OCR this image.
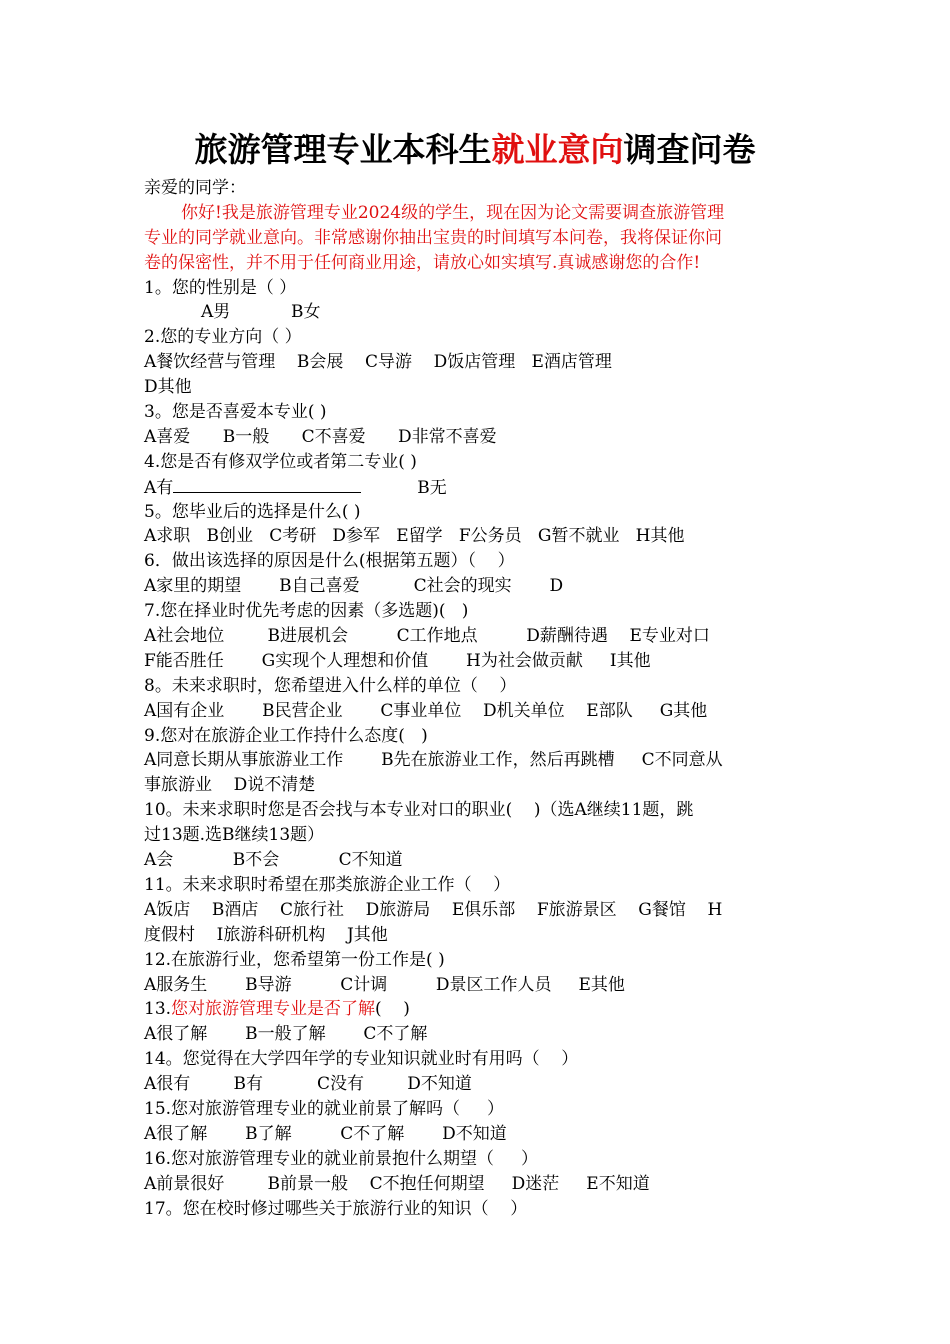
旅游管理专业本科生就业意向调查问卷
亲爱的同学：
你好!我是旅游管理专业2024级的学生，现在因为论文需要调查旅游管理
专业的同学就业意向。非常感谢你抽出宝贵的时间填写本问卷，我将保证你问
卷的保密性，并不用于任何商业用途，请放心如实填写.真诚感谢您的合作!
1。您的性别是（ ）
A男	B女
2.您的专业方向（ ）
A餐饮经营与管理    B会展    C导游    D饭店管理   E酒店管理
D其他
3。您是否喜爱本专业( )
A喜爱      B一般      C不喜爱      D非常不喜爱
4.您是否有修双学位或者第二专业( )
A有	B无
5。您毕业后的选择是什么( )
A求职   B创业   C考研   D参军   E留学   F公务员   G暂不就业   H其他
6．做出该选择的原因是什么(根据第五题）（    ）
A家里的期望       B自己喜爱          C社会的现实       D
7.您在择业时优先考虑的因素（多选题)(   )
A社会地位        B进展机会         C工作地点         D薪酬待遇    E专业对口
F能否胜任       G实现个人理想和价值       H为社会做贡献     I其他
8。未来求职时，您希望进入什么样的单位（    ）
A国有企业       B民营企业       C事业单位    D机关单位    E部队     G其他
9.您对在旅游企业工作持什么态度(   )
A同意长期从事旅游业工作       B先在旅游业工作，然后再跳槽     C不同意从
事旅游业    D说不清楚
10。未来求职时您是否会找与本专业对口的职业(    )（选A继续11题，跳
过13题.选B继续13题）
A会           B不会           C不知道
11。未来求职时希望在那类旅游企业工作（    ）
A饭店    B酒店    C旅行社    D旅游局    E俱乐部    F旅游景区    G餐馆    H
度假村    I旅游科研机构    J其他
12.在旅游行业，您希望第一份工作是( )
A服务生       B导游         C计调         D景区工作人员     E其他
13.您对旅游管理专业是否了解(    )
A很了解       B一般了解       C不了解
14。您觉得在大学四年学的专业知识就业时有用吗（    ）
A很有        B有          C没有        D不知道
15.您对旅游管理专业的就业前景了解吗（     ）
A很了解       B了解         C不了解       D不知道
16.您对旅游管理专业的就业前景抱什么期望（     ）
A前景很好        B前景一般    C不抱任何期望     D迷茫     E不知道
17。您在校时修过哪些关于旅游行业的知识（    ）
